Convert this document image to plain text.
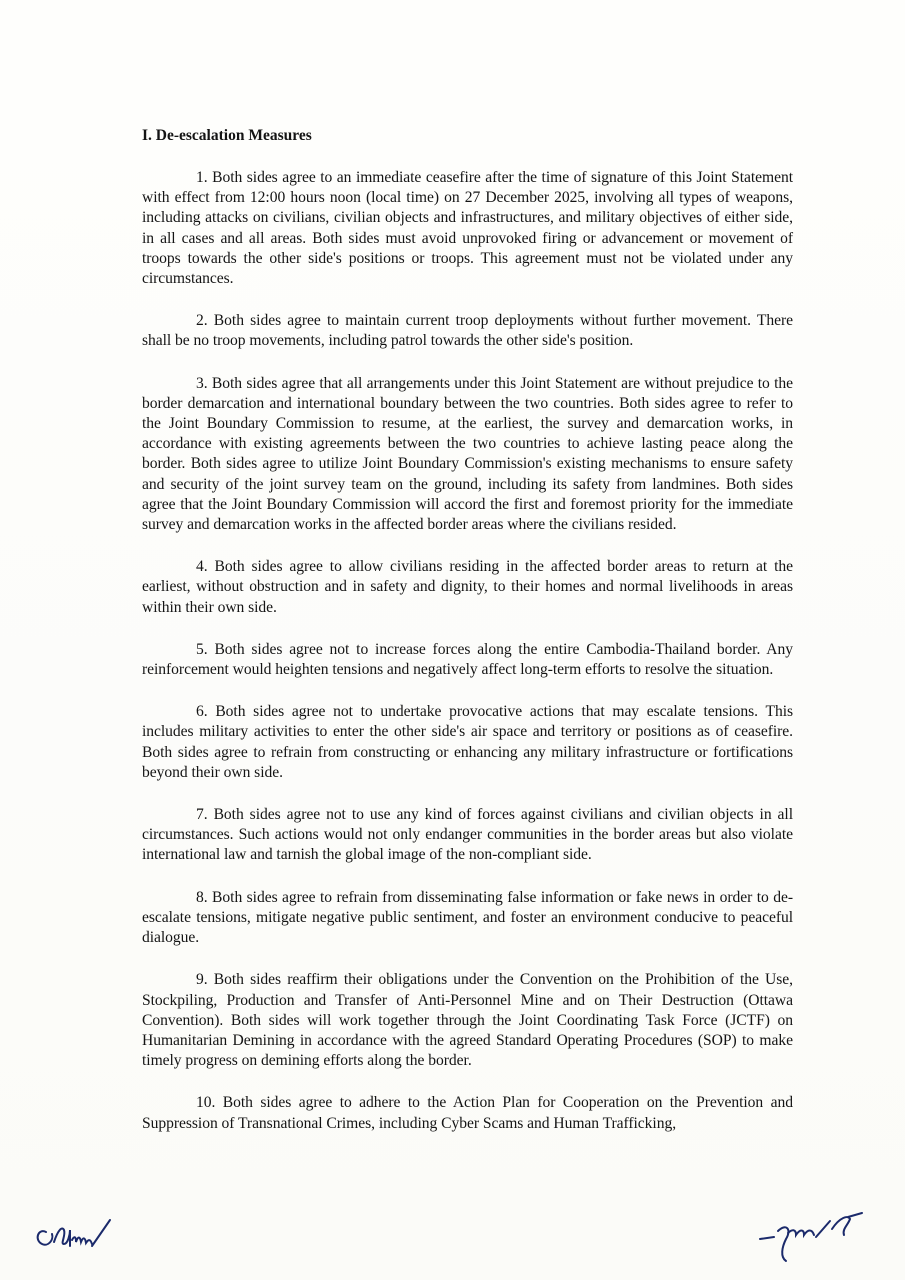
I. De-escalation Measures

1. Both sides agree to an immediate ceasefire after the time of signature of this Joint Statement with effect from 12:00 hours noon (local time) on 27 December 2025, involving all types of weapons, including attacks on civilians, civilian objects and infrastructures, and military objectives of either side, in all cases and all areas. Both sides must avoid unprovoked firing or advancement or movement of troops towards the other side's positions or troops. This agreement must not be violated under any circumstances.

2. Both sides agree to maintain current troop deployments without further movement. There shall be no troop movements, including patrol towards the other side's position.

3. Both sides agree that all arrangements under this Joint Statement are without prejudice to the border demarcation and international boundary between the two countries. Both sides agree to refer to the Joint Boundary Commission to resume, at the earliest, the survey and demarcation works, in accordance with existing agreements between the two countries to achieve lasting peace along the border. Both sides agree to utilize Joint Boundary Commission's existing mechanisms to ensure safety and security of the joint survey team on the ground, including its safety from landmines. Both sides agree that the Joint Boundary Commission will accord the first and foremost priority for the immediate survey and demarcation works in the affected border areas where the civilians resided.

4. Both sides agree to allow civilians residing in the affected border areas to return at the earliest, without obstruction and in safety and dignity, to their homes and normal livelihoods in areas within their own side.

5. Both sides agree not to increase forces along the entire Cambodia-Thailand border. Any reinforcement would heighten tensions and negatively affect long-term efforts to resolve the situation.

6. Both sides agree not to undertake provocative actions that may escalate tensions. This includes military activities to enter the other side's air space and territory or positions as of ceasefire. Both sides agree to refrain from constructing or enhancing any military infrastructure or fortifications beyond their own side.

7. Both sides agree not to use any kind of forces against civilians and civilian objects in all circumstances. Such actions would not only endanger communities in the border areas but also violate international law and tarnish the global image of the non-compliant side.

8. Both sides agree to refrain from disseminating false information or fake news in order to de-escalate tensions, mitigate negative public sentiment, and foster an environment conducive to peaceful dialogue.

9. Both sides reaffirm their obligations under the Convention on the Prohibition of the Use, Stockpiling, Production and Transfer of Anti-Personnel Mine and on Their Destruction (Ottawa Convention). Both sides will work together through the Joint Coordinating Task Force (JCTF) on Humanitarian Demining in accordance with the agreed Standard Operating Procedures (SOP) to make timely progress on demining efforts along the border.

10. Both sides agree to adhere to the Action Plan for Cooperation on the Prevention and Suppression of Transnational Crimes, including Cyber Scams and Human Trafficking,
